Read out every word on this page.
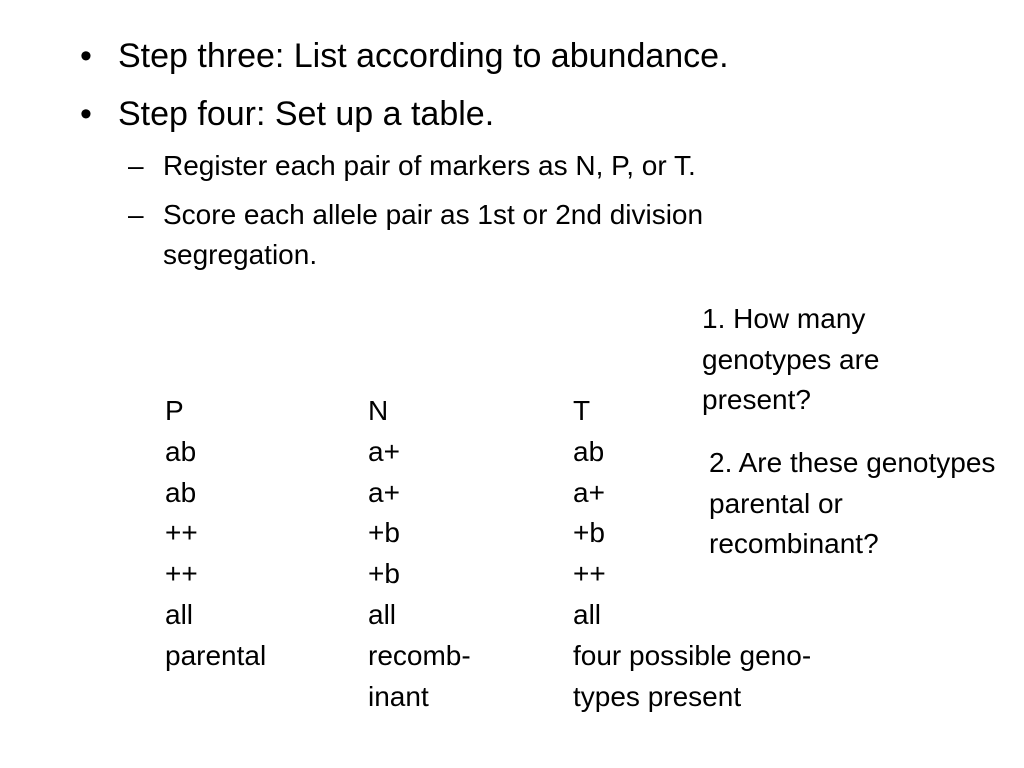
• Step three: List according to abundance.
• Step four: Set up a table.
– Register each pair of markers as N, P, or T.
– Score each allele pair as 1st or 2nd division segregation.
P
ab
ab
++
++
all
parental
N
a+
a+
+b
+b
all
recomb-
inant
T
ab
a+
+b
++
all
four possible geno-
types present
1. How many genotypes are present?
2. Are these genotypes parental or recombinant?
